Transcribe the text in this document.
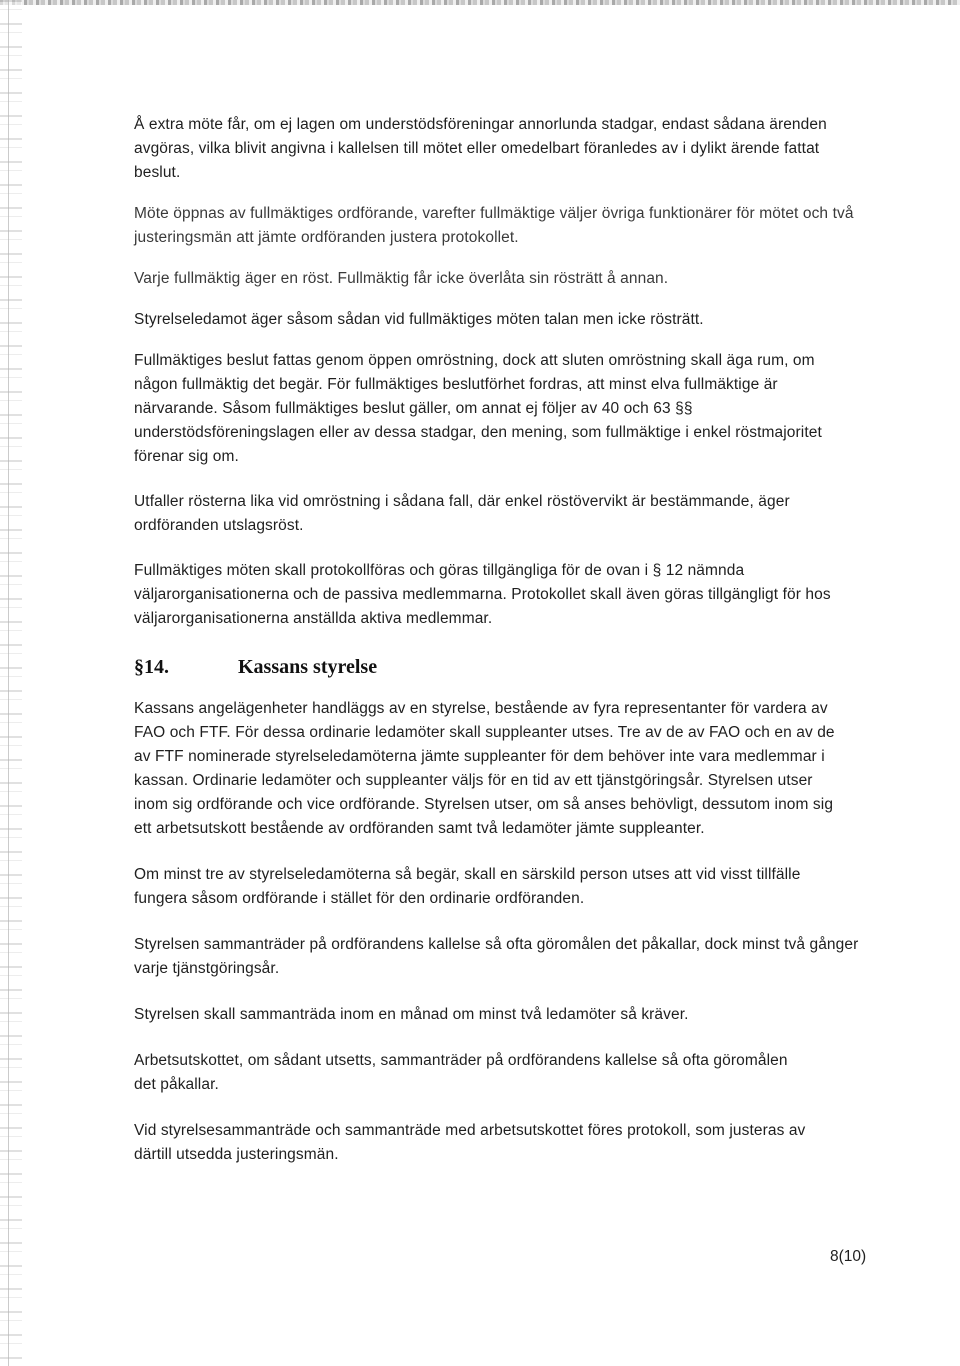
Å extra möte får, om ej lagen om understödsföreningar annorlunda stadgar, endast sådana ärenden avgöras, vilka blivit angivna i kallelsen till mötet eller omedelbart föranledes av i dylikt ärende fattat beslut.

Möte öppnas av fullmäktiges ordförande, varefter fullmäktige väljer övriga funktionärer för mötet och två justeringsmän att jämte ordföranden justera protokollet.

Varje fullmäktig äger en röst. Fullmäktig får icke överlåta sin rösträtt å annan.

Styrelseledamot äger såsom sådan vid fullmäktiges möten talan men icke rösträtt.

Fullmäktiges beslut fattas genom öppen omröstning, dock att sluten omröstning skall äga rum, om någon fullmäktig det begär. För fullmäktiges beslutförhet fordras, att minst elva fullmäktige är närvarande. Såsom fullmäktiges beslut gäller, om annat ej följer av 40 och 63 §§ understödsföreningslagen eller av dessa stadgar, den mening, som fullmäktige i enkel röstmajoritet förenar sig om.

Utfaller rösterna lika vid omröstning i sådana fall, där enkel röstövervikt är bestämmande, äger ordföranden utslagsröst.

Fullmäktiges möten skall protokollföras och göras tillgängliga för de ovan i § 12 nämnda väljarorganisationerna och de passiva medlemmarna. Protokollet skall även göras tillgängligt för hos väljarorganisationerna anställda aktiva medlemmar.

§14.	Kassans styrelse

Kassans angelägenheter handläggs av en styrelse, bestående av fyra representanter för vardera av FAO och FTF. För dessa ordinarie ledamöter skall suppleanter utses. Tre av de av FAO och en av de av FTF nominerade styrelseledamöterna jämte suppleanter för dem behöver inte vara medlemmar i kassan. Ordinarie ledamöter och suppleanter väljs för en tid av ett tjänstgöringsår. Styrelsen utser inom sig ordförande och vice ordförande. Styrelsen utser, om så anses behövligt, dessutom inom sig ett arbetsutskott bestående av ordföranden samt två ledamöter jämte suppleanter.

Om minst tre av styrelseledamöterna så begär, skall en särskild person utses att vid visst tillfälle fungera såsom ordförande i stället för den ordinarie ordföranden.

Styrelsen sammanträder på ordförandens kallelse så ofta göromålen det påkallar, dock minst två gånger varje tjänstgöringsår.

Styrelsen skall sammanträda inom en månad om minst två ledamöter så kräver.

Arbetsutskottet, om sådant utsetts, sammanträder på ordförandens kallelse så ofta göromålen det påkallar.

Vid styrelsesammanträde och sammanträde med arbetsutskottet föres protokoll, som justeras av därtill utsedda justeringsmän.

8(10)
